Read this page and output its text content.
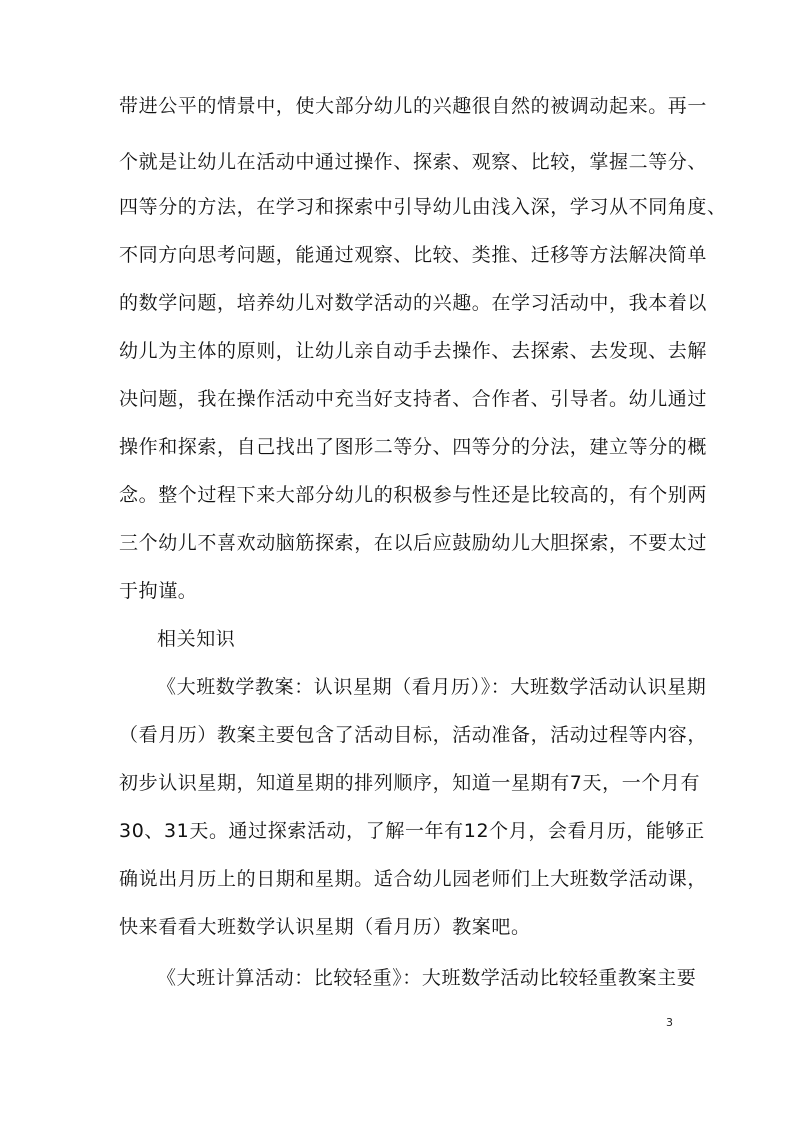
带进公平的情景中，使大部分幼儿的兴趣很自然的被调动起来。再一
个就是让幼儿在活动中通过操作、探索、观察、比较，掌握二等分、
四等分的方法，在学习和探索中引导幼儿由浅入深，学习从不同角度、
不同方向思考问题，能通过观察、比较、类推、迁移等方法解决简单
的数学问题，培养幼儿对数学活动的兴趣。在学习活动中，我本着以
幼儿为主体的原则，让幼儿亲自动手去操作、去探索、去发现、去解
决问题，我在操作活动中充当好支持者、合作者、引导者。幼儿通过
操作和探索，自己找出了图形二等分、四等分的分法，建立等分的概
念。整个过程下来大部分幼儿的积极参与性还是比较高的，有个别两
三个幼儿不喜欢动脑筋探索，在以后应鼓励幼儿大胆探索，不要太过
于拘谨。
相关知识
《大班数学教案：认识星期（看月历）》：大班数学活动认识星期
（看月历）教案主要包含了活动目标，活动准备，活动过程等内容，
初步认识星期，知道星期的排列顺序，知道一星期有7天，一个月有
30、31天。通过探索活动，了解一年有12个月，会看月历，能够正
确说出月历上的日期和星期。适合幼儿园老师们上大班数学活动课，
快来看看大班数学认识星期（看月历）教案吧。
《大班计算活动：比较轻重》：大班数学活动比较轻重教案主要
3
